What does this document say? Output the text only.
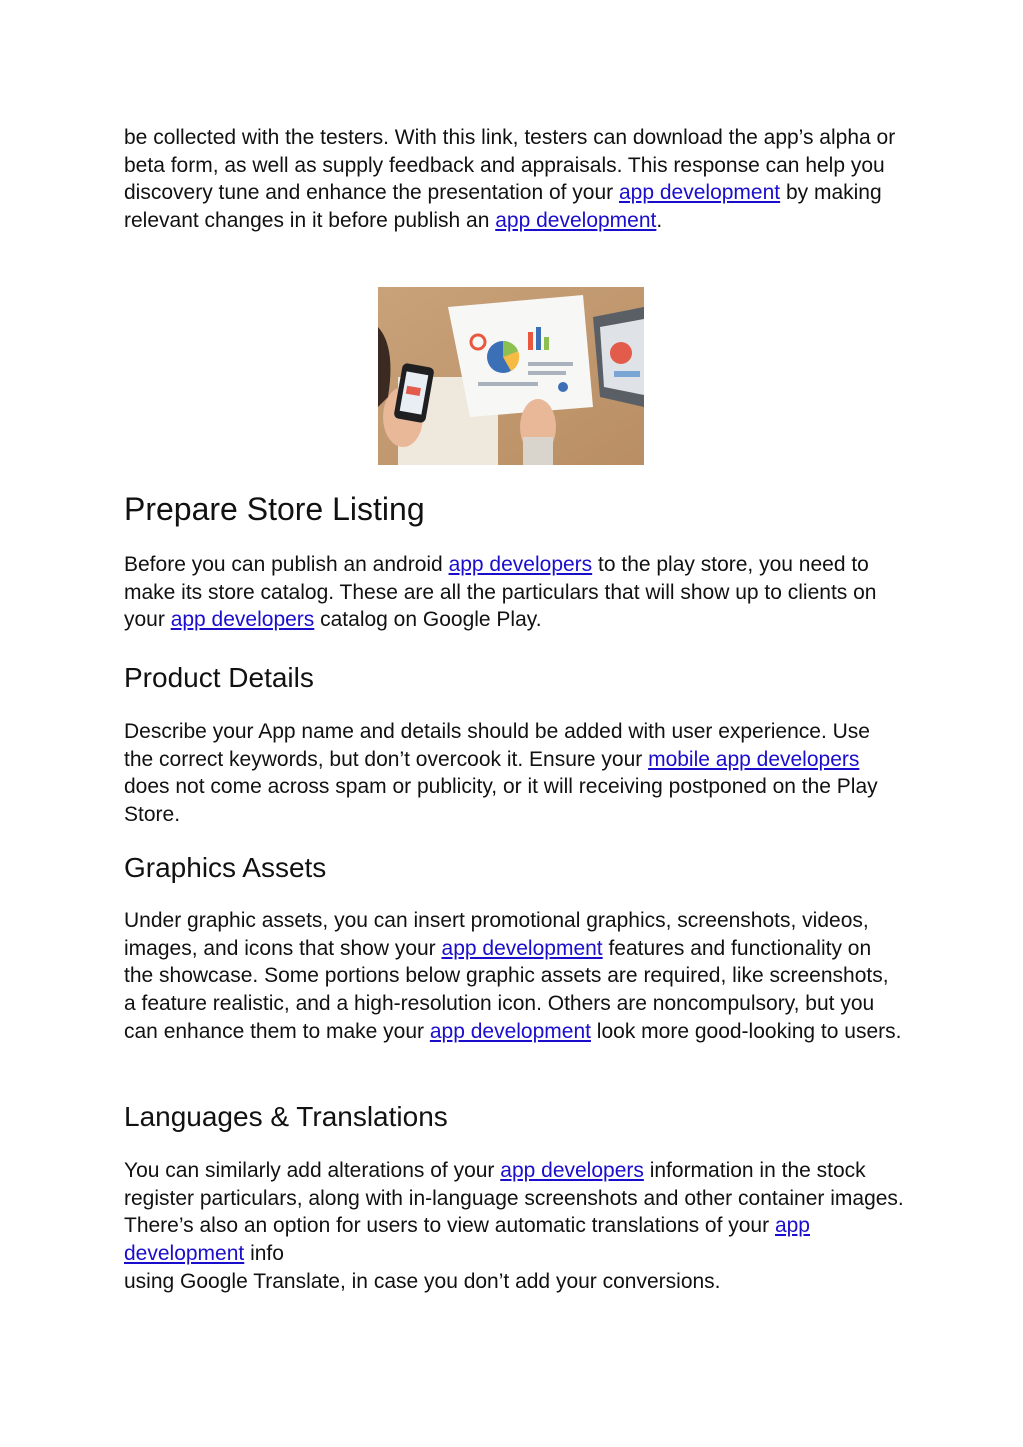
be collected with the testers. With this link, testers can download the app’s alpha or beta form, as well as supply feedback and appraisals. This response can help you discovery tune and enhance the presentation of your app development by making relevant changes in it before publish an app development.

Prepare Store Listing

Before you can publish an android app developers to the play store, you need to make its store catalog. These are all the particulars that will show up to clients on your app developers catalog on Google Play.

Product Details

Describe your App name and details should be added with user experience. Use the correct keywords, but don’t overcook it. Ensure your mobile app developers does not come across spam or publicity, or it will receiving postponed on the Play Store.

Graphics Assets

Under graphic assets, you can insert promotional graphics, screenshots, videos, images, and icons that show your app development features and functionality on the showcase. Some portions below graphic assets are required, like screenshots, a feature realistic, and a high-resolution icon. Others are noncompulsory, but you can enhance them to make your app development look more good-looking to users.

Languages & Translations

You can similarly add alterations of your app developers information in the stock register particulars, along with in-language screenshots and other container images. There’s also an option for users to view automatic translations of your app development info
using Google Translate, in case you don’t add your conversions.
